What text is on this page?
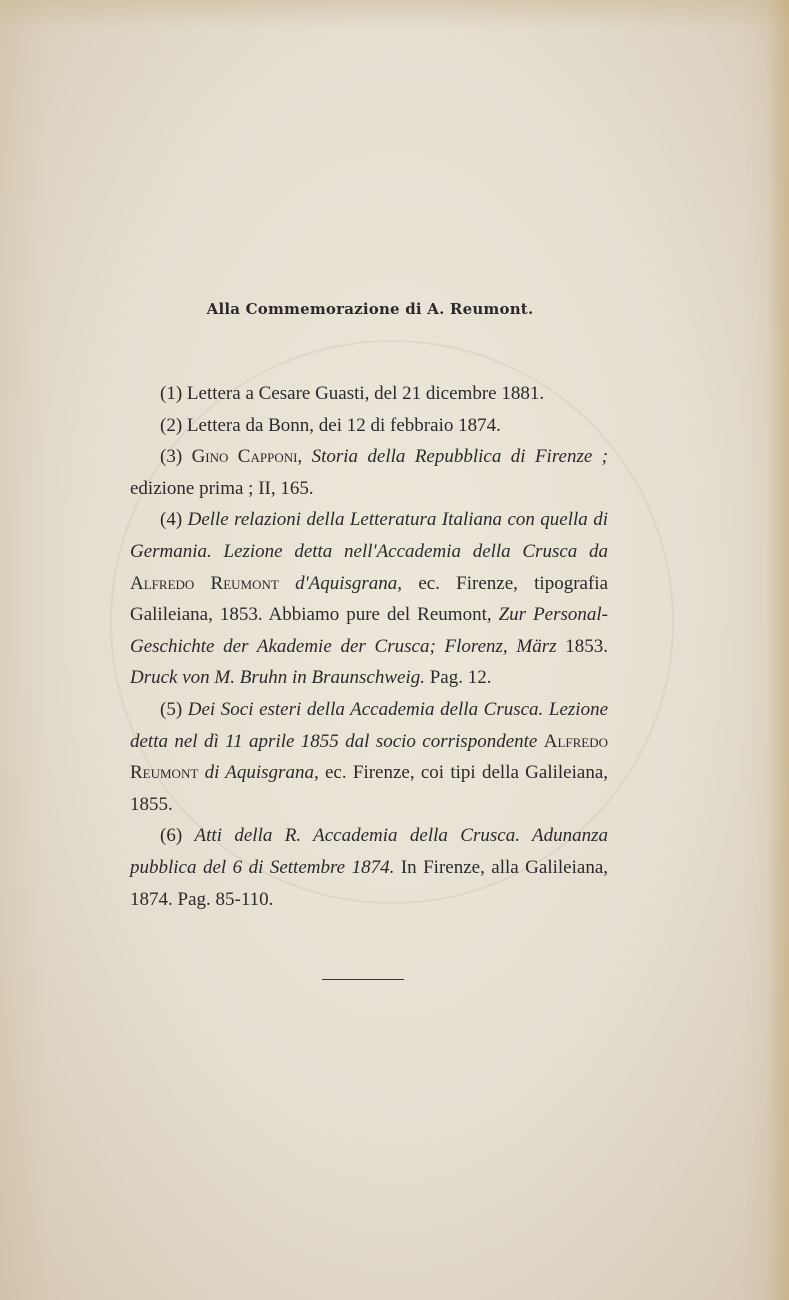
Alla Commemorazione di A. Reumont.

(1) Lettera a Cesare Guasti, del 21 dicembre 1881.

(2) Lettera da Bonn, dei 12 di febbraio 1874.

(3) Gino Capponi, Storia della Repubblica di Firenze ; edizione prima ; II, 165.

(4) Delle relazioni della Letteratura Italiana con quella di Germania. Lezione detta nell'Accademia della Crusca da Alfredo Reumont d'Aquisgrana, ec. Firenze, tipografia Galileiana, 1853. Abbiamo pure del Reumont, Zur Personal-Geschichte der Akademie der Crusca; Florenz, März 1853. Druck von M. Bruhn in Braunschweig. Pag. 12.

(5) Dei Soci esteri della Accademia della Crusca. Lezione detta nel dì 11 aprile 1855 dal socio corrispondente Alfredo Reumont di Aquisgrana, ec. Firenze, coi tipi della Galileiana, 1855.

(6) Atti della R. Accademia della Crusca. Adunanza pubblica del 6 di Settembre 1874. In Firenze, alla Galileiana, 1874. Pag. 85-110.
